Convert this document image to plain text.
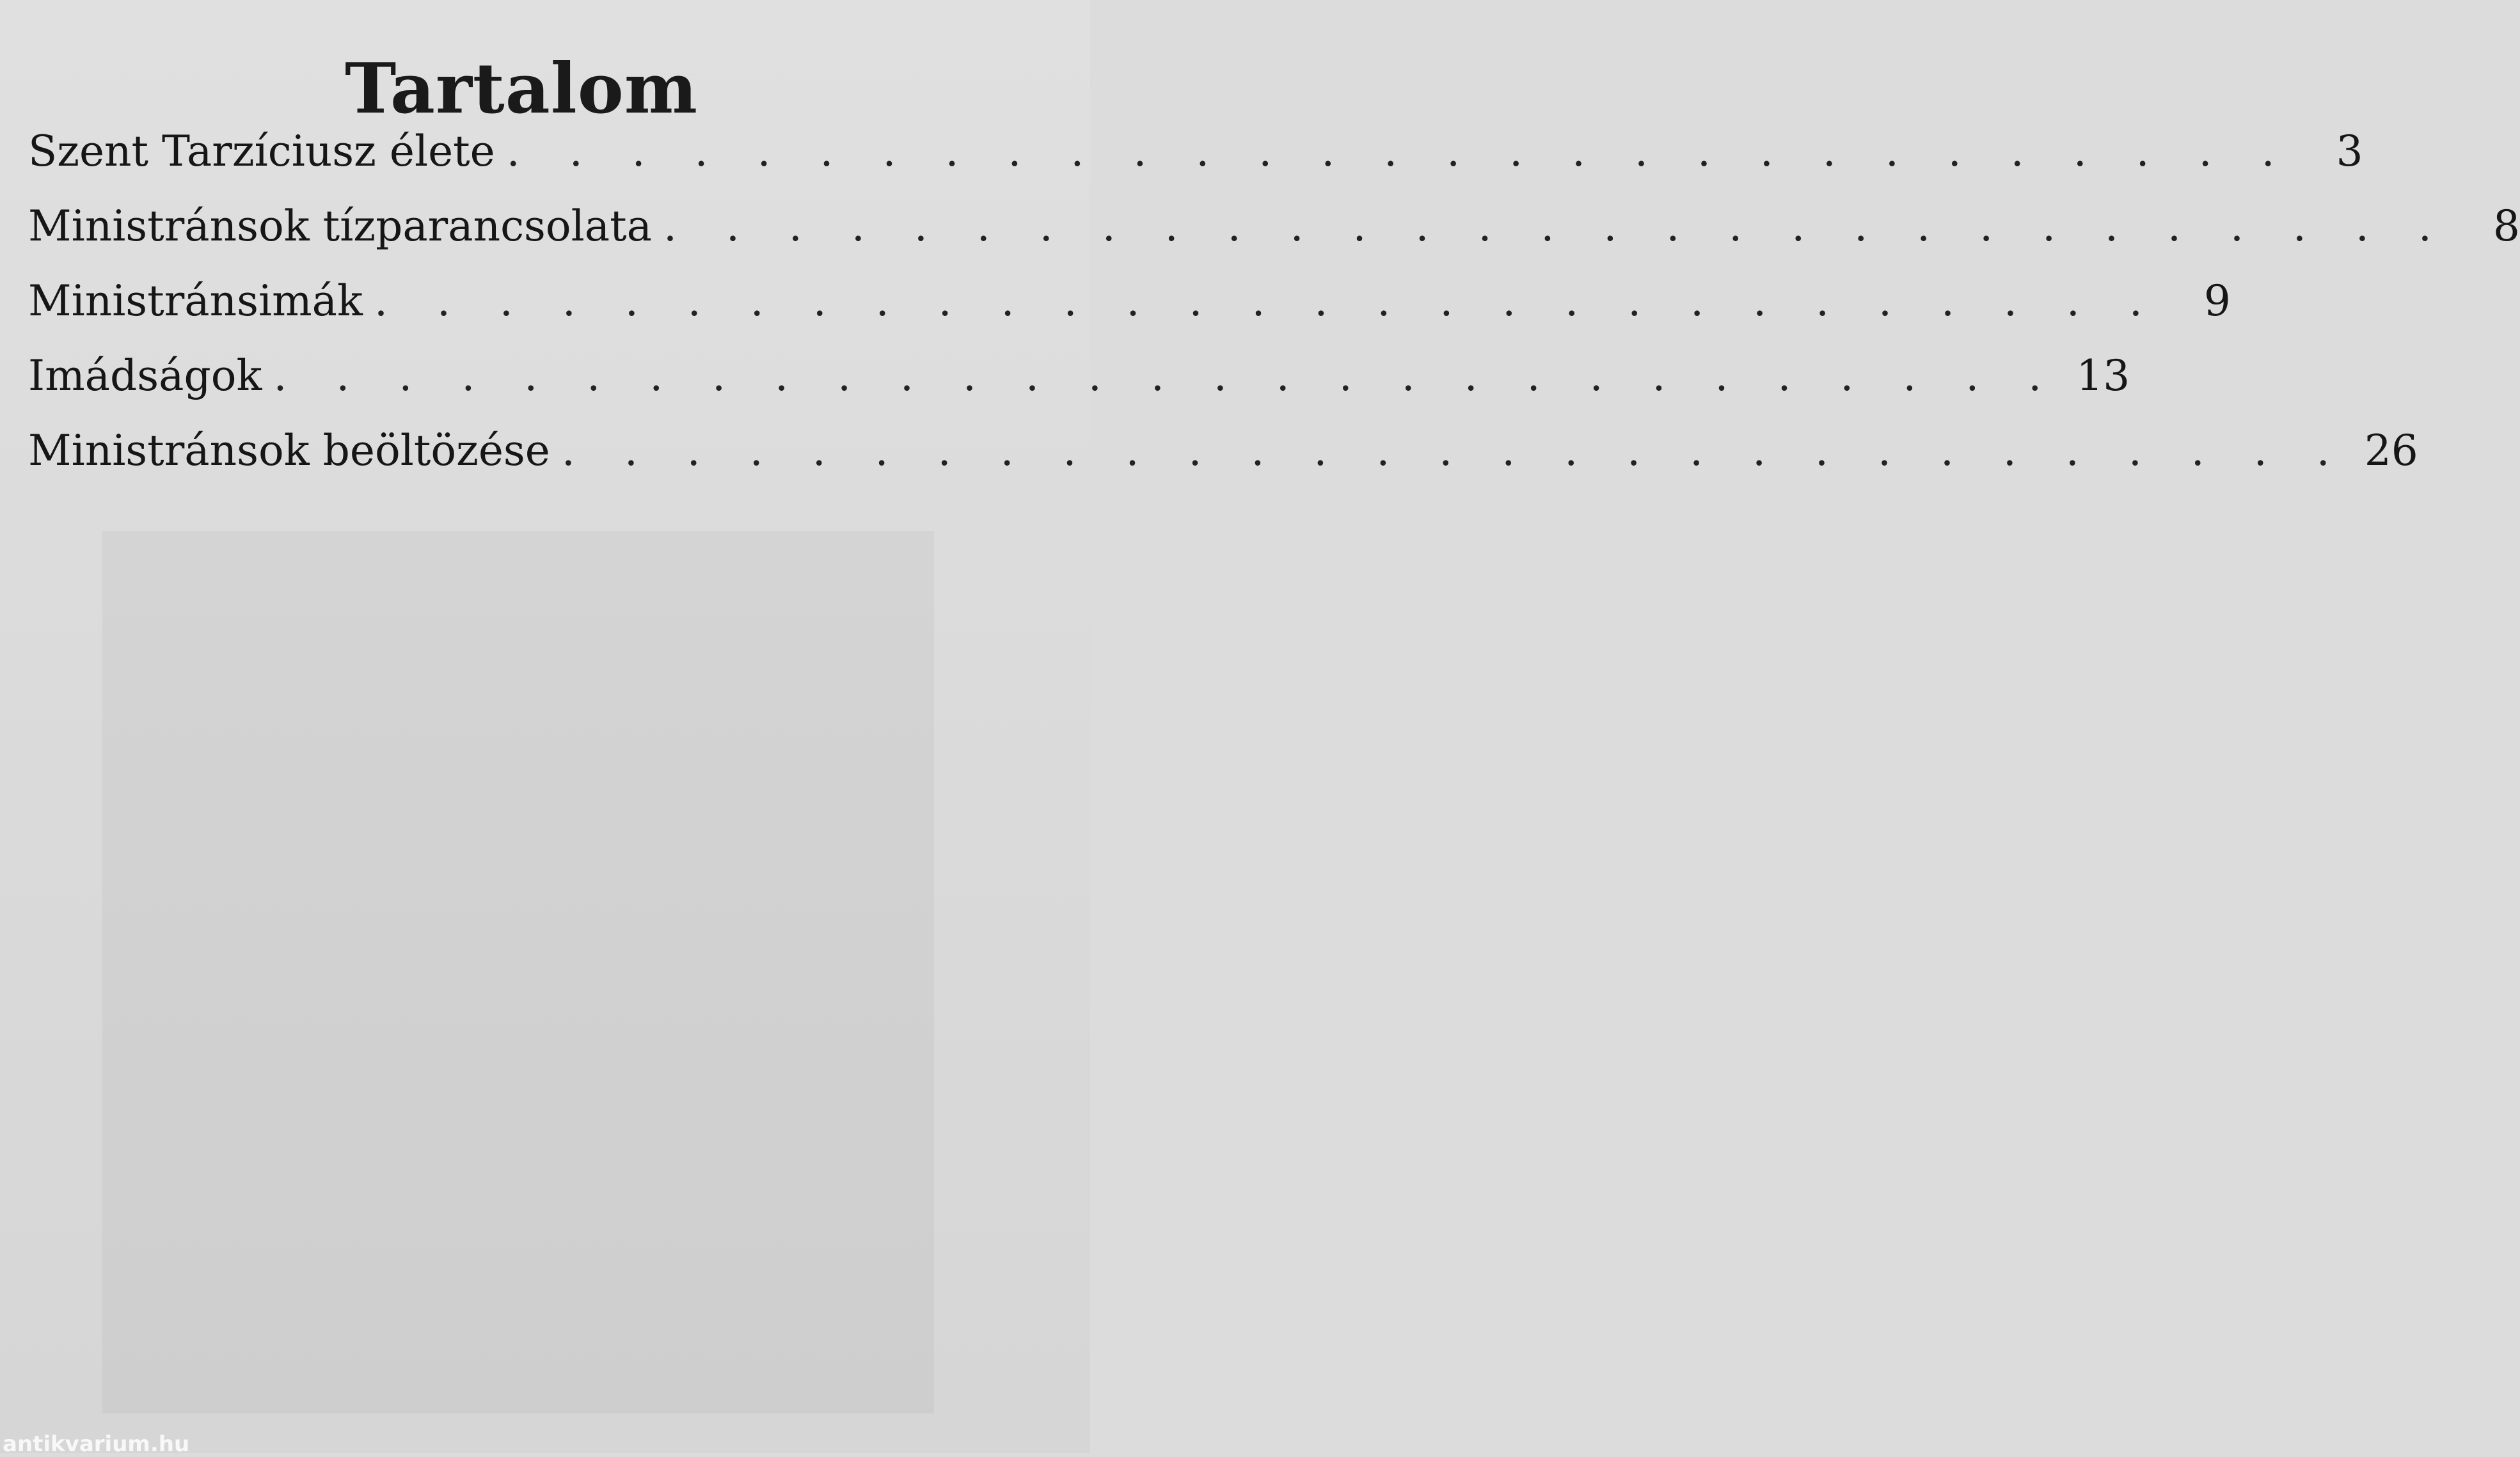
Tartalom
Szent Tarzíciusz élete . . . . . . . . . . . . . . . . . . . . . . . . . . . . .	3
Ministránsok tízparancsolata . . . . . . . . . . . . . . . . . . . . . . . . . . . . .	8
Ministránsimák . . . . . . . . . . . . . . . . . . . . . . . . . . . . .	9
Imádságok . . . . . . . . . . . . . . . . . . . . . . . . . . . . . 13
Ministránsok beöltözése . . . . . . . . . . . . . . . . . . . . . . . . . . . . . 26
antikvarium.hu
